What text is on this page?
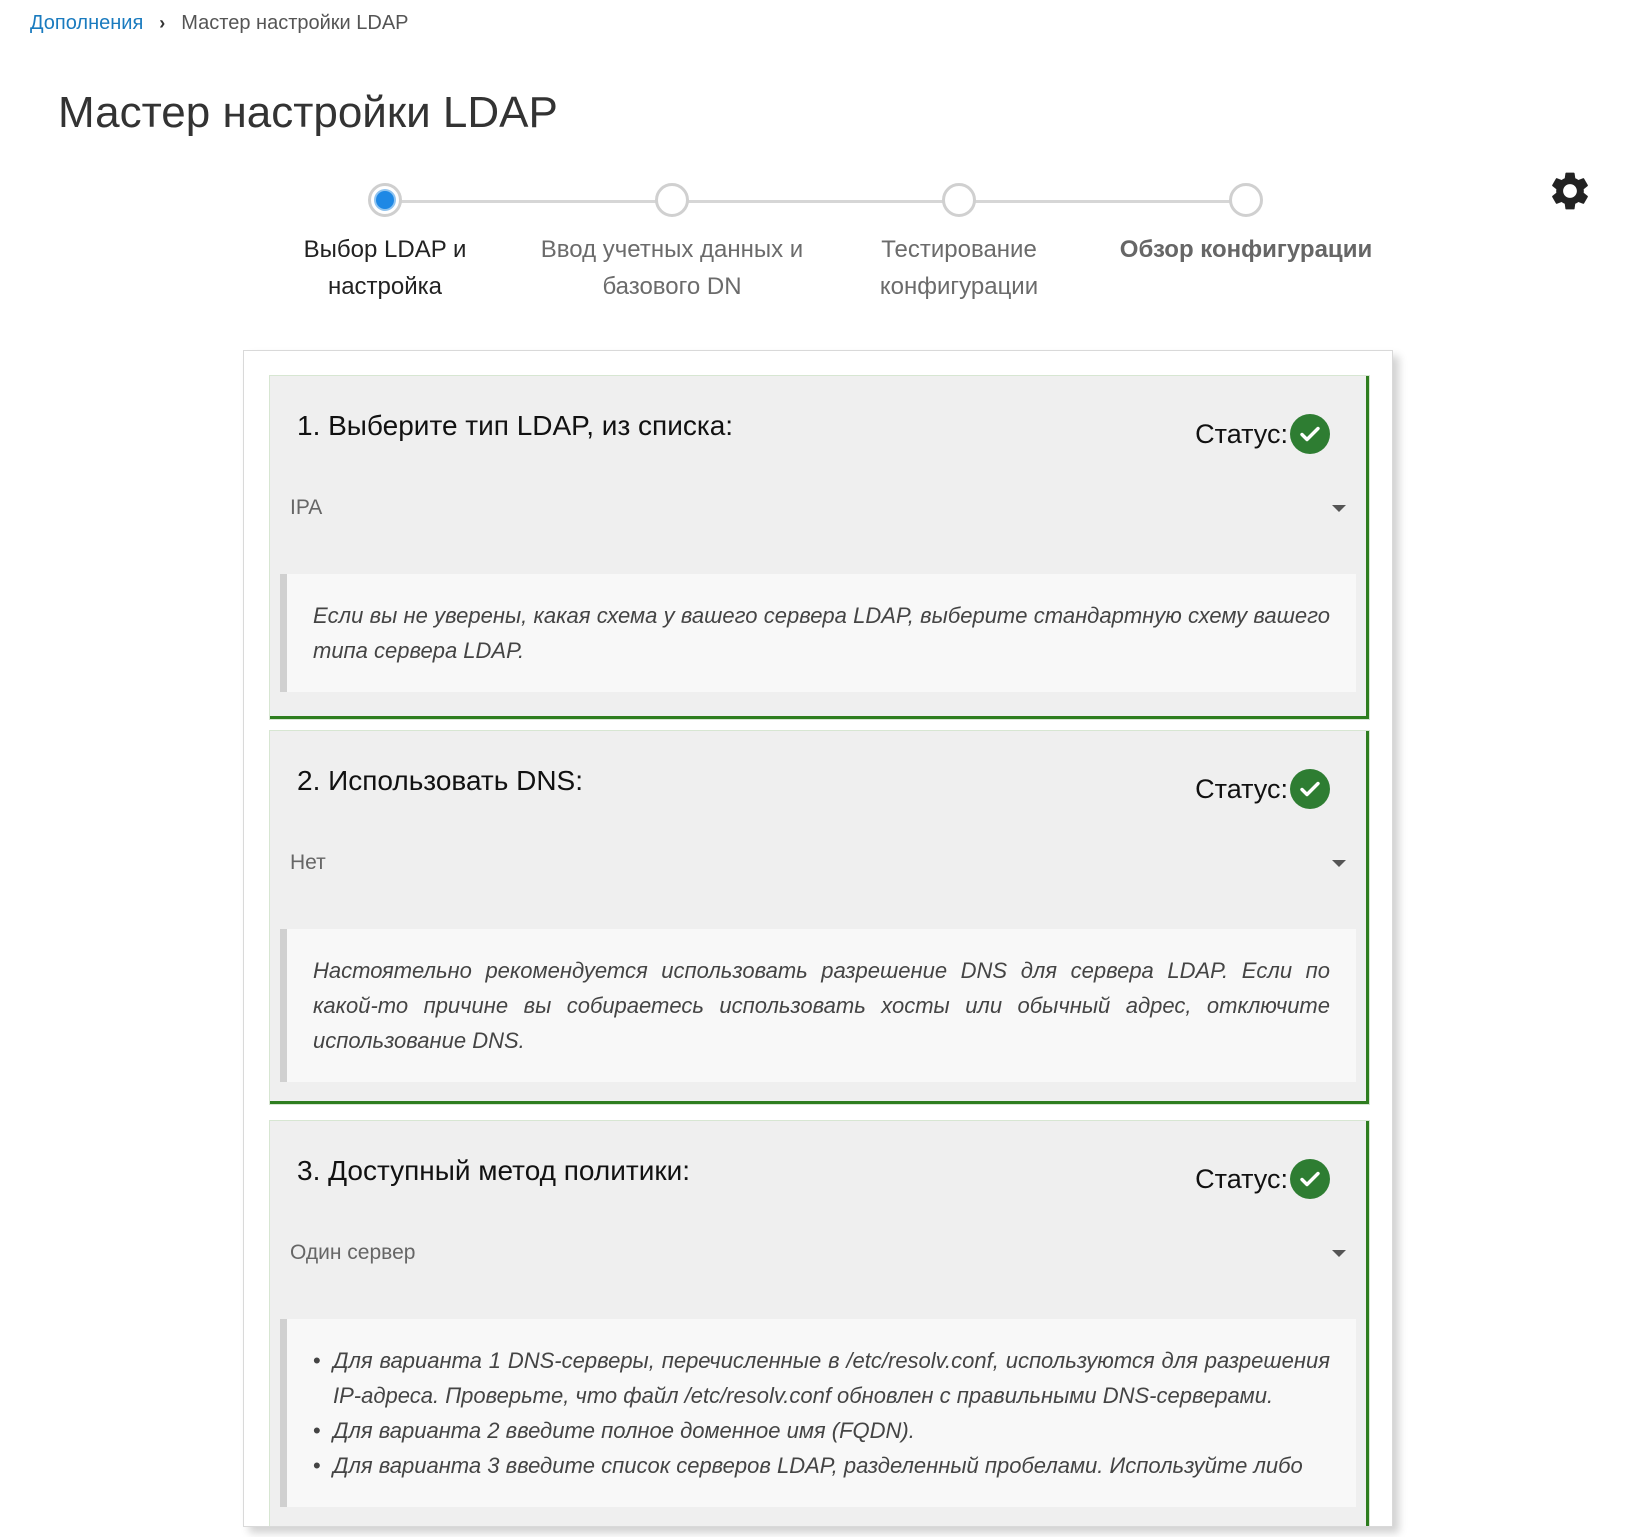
Дополнения › Мастер настройки LDAP
Мастер настройки LDAP
Выбор LDAP и
настройка
Ввод учетных данных и
базового DN
Тестирование
конфигурации
Обзор конфигурации
1. Выберите тип LDAP, из списка:	Статус:
IPA
Если вы не уверены, какая схема у вашего сервера LDAP, выберите стандартную схему вашего типа сервера LDAP.
2. Использовать DNS:	Статус:
Нет
Настоятельно рекомендуется использовать разрешение DNS для сервера LDAP. Если по какой-то причине вы собираетесь использовать хосты или обычный адрес, отключите использование DNS.
3. Доступный метод политики:	Статус:
Один сервер
• Для варианта 1 DNS-серверы, перечисленные в /etc/resolv.conf, используются для разрешения IP-адреса. Проверьте, что файл /etc/resolv.conf обновлен с правильными DNS-серверами.
• Для варианта 2 введите полное доменное имя (FQDN).
• Для варианта 3 введите список серверов LDAP, разделенный пробелами. Используйте либо
